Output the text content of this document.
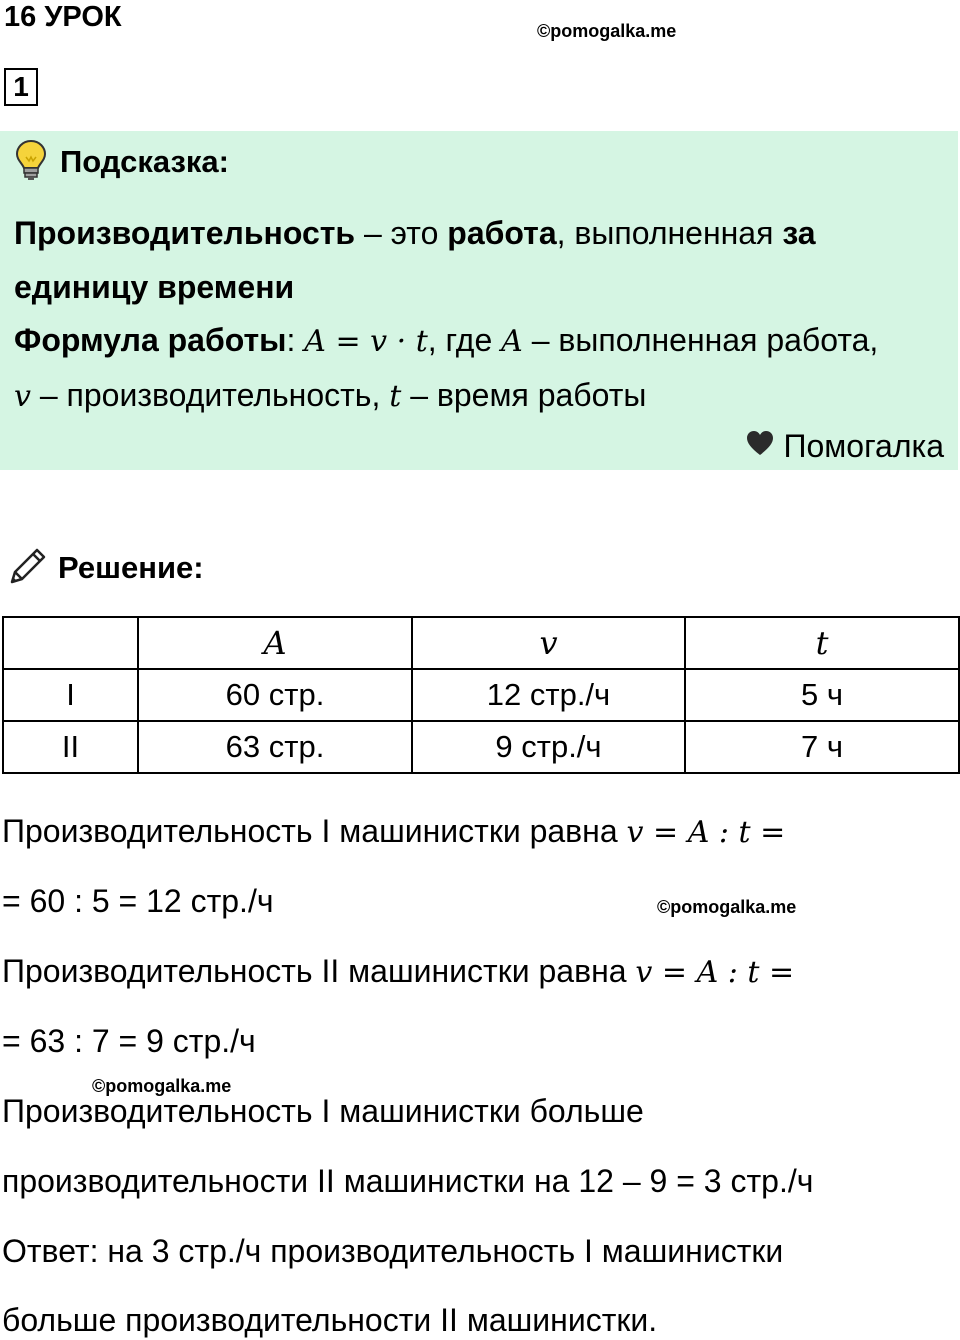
16 УРОК	©pomogalka.me
1
Подсказка:
Производительность – это работа, выполненная за
единицу времени
Формула работы: A = v · t, где A – выполненная работа,
v – производительность, t – время работы
Помогалка
Решение:
	A	v	t
I	60 стр.	12 стр./ч	5 ч
II	63 стр.	9 стр./ч	7 ч
Производительность I машинистки равна v = A : t =
= 60 : 5 = 12 стр./ч	©pomogalka.me
Производительность II машинистки равна v = A : t =
= 63 : 7 = 9 стр./ч
©pomogalka.me
Производительность I машинистки больше
производительности II машинистки на 12 – 9 = 3 стр./ч
Ответ: на 3 стр./ч производительность I машинистки
больше производительности II машинистки.
